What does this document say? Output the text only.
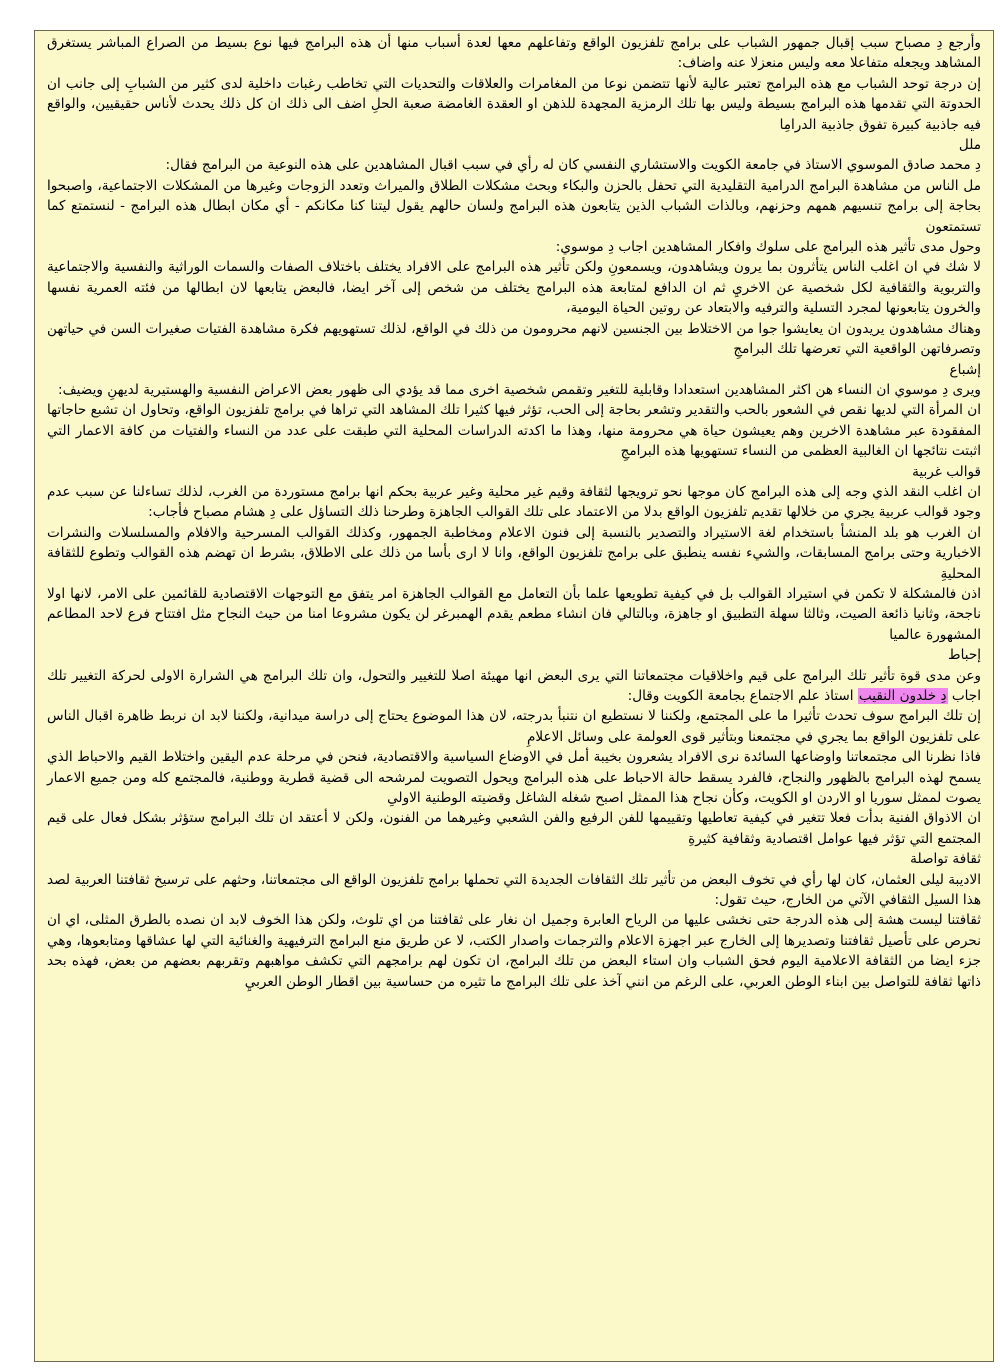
وأرجع دِ مصباح سبب إقبال جمهور الشباب على برامج تلفزيون الواقع وتفاعلهم معها لعدة أسباب منها أن هذه البرامج فيها نوع بسيط من الصراع المباشر يستغرق المشاهد ويجعله متفاعلا معه وليس منعزلا عنه واضاف:

إن درجة توحد الشباب مع هذه البرامج تعتبر عالية لأنها تتضمن نوعا من المغامرات والعلاقات والتحديات التي تخاطب رغبات داخلية لدى كثير من الشبابِ إلى جانب ان الحدوتة التي تقدمها هذه البرامج بسيطة وليس بها تلك الرمزية المجهدة للذهن او العقدة الغامضة صعبة الحلِ اضف الى ذلك ان كل ذلك يحدث لأناس حقيقيين، والواقع فيه جاذبية كبيرة تفوق جاذبية الدرامِا

ملل

دِ محمد صادق الموسوي الاستاذ في جامعة الكويت والاستشاري النفسي كان له رأي في سبب اقبال المشاهدين على هذه النوعية من البرامج فقال:

مل الناس من مشاهدة البرامج الدرامية التقليدية التي تحفل بالحزن والبكاء وبحث مشكلات الطلاق والميراث وتعدد الزوجات وغيرها من المشكلات الاجتماعية، واصبحوا بحاجة إلى برامج تنسيهم همهم وحزنهم، وبالذات الشباب الذين يتابعون هذه البرامج ولسان حالهم يقول ليتنا كنا مكانكم - أي مكان ابطال هذه البرامج - لنستمتع كما تستمتعون

وحول مدى تأثير هذه البرامج على سلوك وافكار المشاهدين اجاب دِ موسوي:

لا شك في ان اغلب الناس يتأثرون بما يرون ويشاهدون، ويسمعونِ ولكن تأثير هذه البرامج على الافراد يختلف باختلاف الصفات والسمات الوراثية والنفسية والاجتماعية والتربوية والثقافية لكل شخصية عن الاخريِ ثم ان الدافع لمتابعة هذه البرامج يختلف من شخص إلى آخر ايضا، فالبعض يتابعها لان ابطالها من فئته العمرية نفسها والخرون يتابعونها لمجرد التسلية والترفيه والابتعاد عن روتين الحياة اليومية،

وهناك مشاهدون يريدون ان يعايشوا جوا من الاختلاط بين الجنسين لانهم محرومون من ذلك في الواقع، لذلك تستهويهم فكرة مشاهدة الفتيات صغيرات السن في حياتهن وتصرفاتهن الواقعية التي تعرضها تلك البرامجِ

إشباع

ويرى دِ موسوي ان النساء هن اكثر المشاهدين استعدادا وقابلية للتغير وتقمص شخصية اخرى مما قد يؤدي الى ظهور بعض الاعراض النفسية والهستيرية لديهنِ ويضيف:

ان المرأة التي لديها نقص في الشعور بالحب والتقدير وتشعر بحاجة إلى الحب، تؤثر فيها كثيرا تلك المشاهد التي تراها في برامج تلفزيون الواقع، وتحاول ان تشبع حاجاتها المفقودة عبر مشاهدة الاخرين وهم يعيشون حياة هي محرومة منها، وهذا ما اكدته الدراسات المحلية التي طبقت على عدد من النساء والفتيات من كافة الاعمار التي اثبتت نتائجها ان الغالبية العظمى من النساء تستهويها هذه البرامجِ

قوالب غربية

ان اغلب النقد الذي وجه إلى هذه البرامج كان موجها نحو ترويجها لثقافة وقيم غير محلية وغير عربية بحكم انها برامج مستوردة من الغرب، لذلك تساءلنا عن سبب عدم وجود قوالب عربية يجري من خلالها تقديم تلفزيون الواقع بدلا من الاعتماد على تلك القوالب الجاهزة وطرحنا ذلك التساؤل على دِ هشام مصباح فأجاب:

ان الغرب هو بلد المنشأ باستخدام لغة الاستيراد والتصدير بالنسبة إلى فنون الاعلام ومخاطبة الجمهور، وكذلك القوالب المسرحية والافلام والمسلسلات والنشرات الاخبارية وحتى برامج المسابقات، والشيء نفسه ينطبق على برامج تلفزيون الواقع، وانا لا ارى بأسا من ذلك على الاطلاق، بشرط ان تهضم هذه القوالب وتطوع للثقافة المحليةِ

اذن فالمشكلة لا تكمن في استيراد القوالب بل في كيفية تطويعها علما بأن التعامل مع القوالب الجاهزة امر يتفق مع التوجهات الاقتصادية للقائمين على الامر، لانها اولا ناجحة، وثانيا ذائعة الصيت، وثالثا سهلة التطبيق او جاهزة، وبالتالي فان انشاء مطعم يقدم الهمبرغر لن يكون مشروعا امنا من حيث النجاح مثل افتتاح فرع لاحد المطاعم المشهورة عالميا

إحباط

وعن مدى قوة تأثير تلك البرامج على قيم واخلاقيات مجتمعاتنا التي يرى البعض انها مهيئة اصلا للتغيير والتحول، وان تلك البرامج هي الشرارة الاولى لحركة التغيير تلك اجاب دِ خلدون النقيب استاذ علم الاجتماع بجامعة الكويت وقال:

إن تلك البرامج سوف تحدث تأثيرا ما على المجتمع، ولكننا لا نستطيع ان نتنبأ بدرجته، لان هذا الموضوع يحتاج إلى دراسة ميدانية، ولكننا لابد ان نربط ظاهرة اقبال الناس على تلفزيون الواقع بما يجري في مجتمعنا وبتأثير قوى العولمة على وسائل الاعلامِ

فاذا نظرنا الى مجتمعاتنا واوضاعها السائدة نرى الافراد يشعرون بخيبة أمل في الاوضاع السياسية والاقتصادية، فنحن في مرحلة عدم اليقين واختلاط القيم والاحباط الذي يسمح لهذه البرامج بالظهور والنجاح، فالفرد يسقط حالة الاحباط على هذه البرامج ويحول التصويت لمرشحه الى قضية قطرية ووطنية، فالمجتمع كله ومن جميع الاعمار يصوت لممثل سوريا او الاردن او الكويت، وكأن نجاح هذا الممثل اصبح شغله الشاغل وقضيته الوطنية الاولىِ

ان الاذواق الفنية بدأت فعلا تتغير في كيفية تعاطيها وتقييمها للفن الرفيع والفن الشعبي وغيرهما من الفنون، ولكن لا أعتقد ان تلك البرامج ستؤثر بشكل فعال على قيم المجتمع التي تؤثر فيها عوامل اقتصادية وثقافية كثيرةِ

ثقافة تواصلة

الاديبة ليلى العثمان، كان لها رأي في تخوف البعض من تأثير تلك الثقافات الجديدة التي تحملها برامج تلفزيون الواقع الى مجتمعاتنا، وحثهم على ترسيخ ثقافتنا العربية لصد هذا السيل الثقافي الآتي من الخارج، حيث تقول:

ثقافتنا ليست هشة إلى هذه الدرجة حتى نخشى عليها من الرياح العابرة وجميل ان نغار على ثقافتنا من اي تلوث، ولكن هذا الخوف لابد ان نصده بالطرق المثلى، اي ان نحرص على تأصيل ثقافتنا وتصديرها إلى الخارج عبر اجهزة الاعلام والترجمات واصدار الكتب، لا عن طريق منع البرامج الترفيهية والغنائية التي لها عشاقها ومتابعوها، وهي جزء ايضا من الثقافة الاعلامية اليوم فحق الشباب وان استاء البعض من تلك البرامج، ان تكون لهم برامجهم التي تكشف مواهبهم وتقربهم بعضهم من بعض، فهذه بحد ذاتها ثقافة للتواصل بين ابناء الوطن العربي، على الرغم من انني آخذ على تلك البرامج ما تثيره من حساسية بين اقطار الوطن العربيِ
